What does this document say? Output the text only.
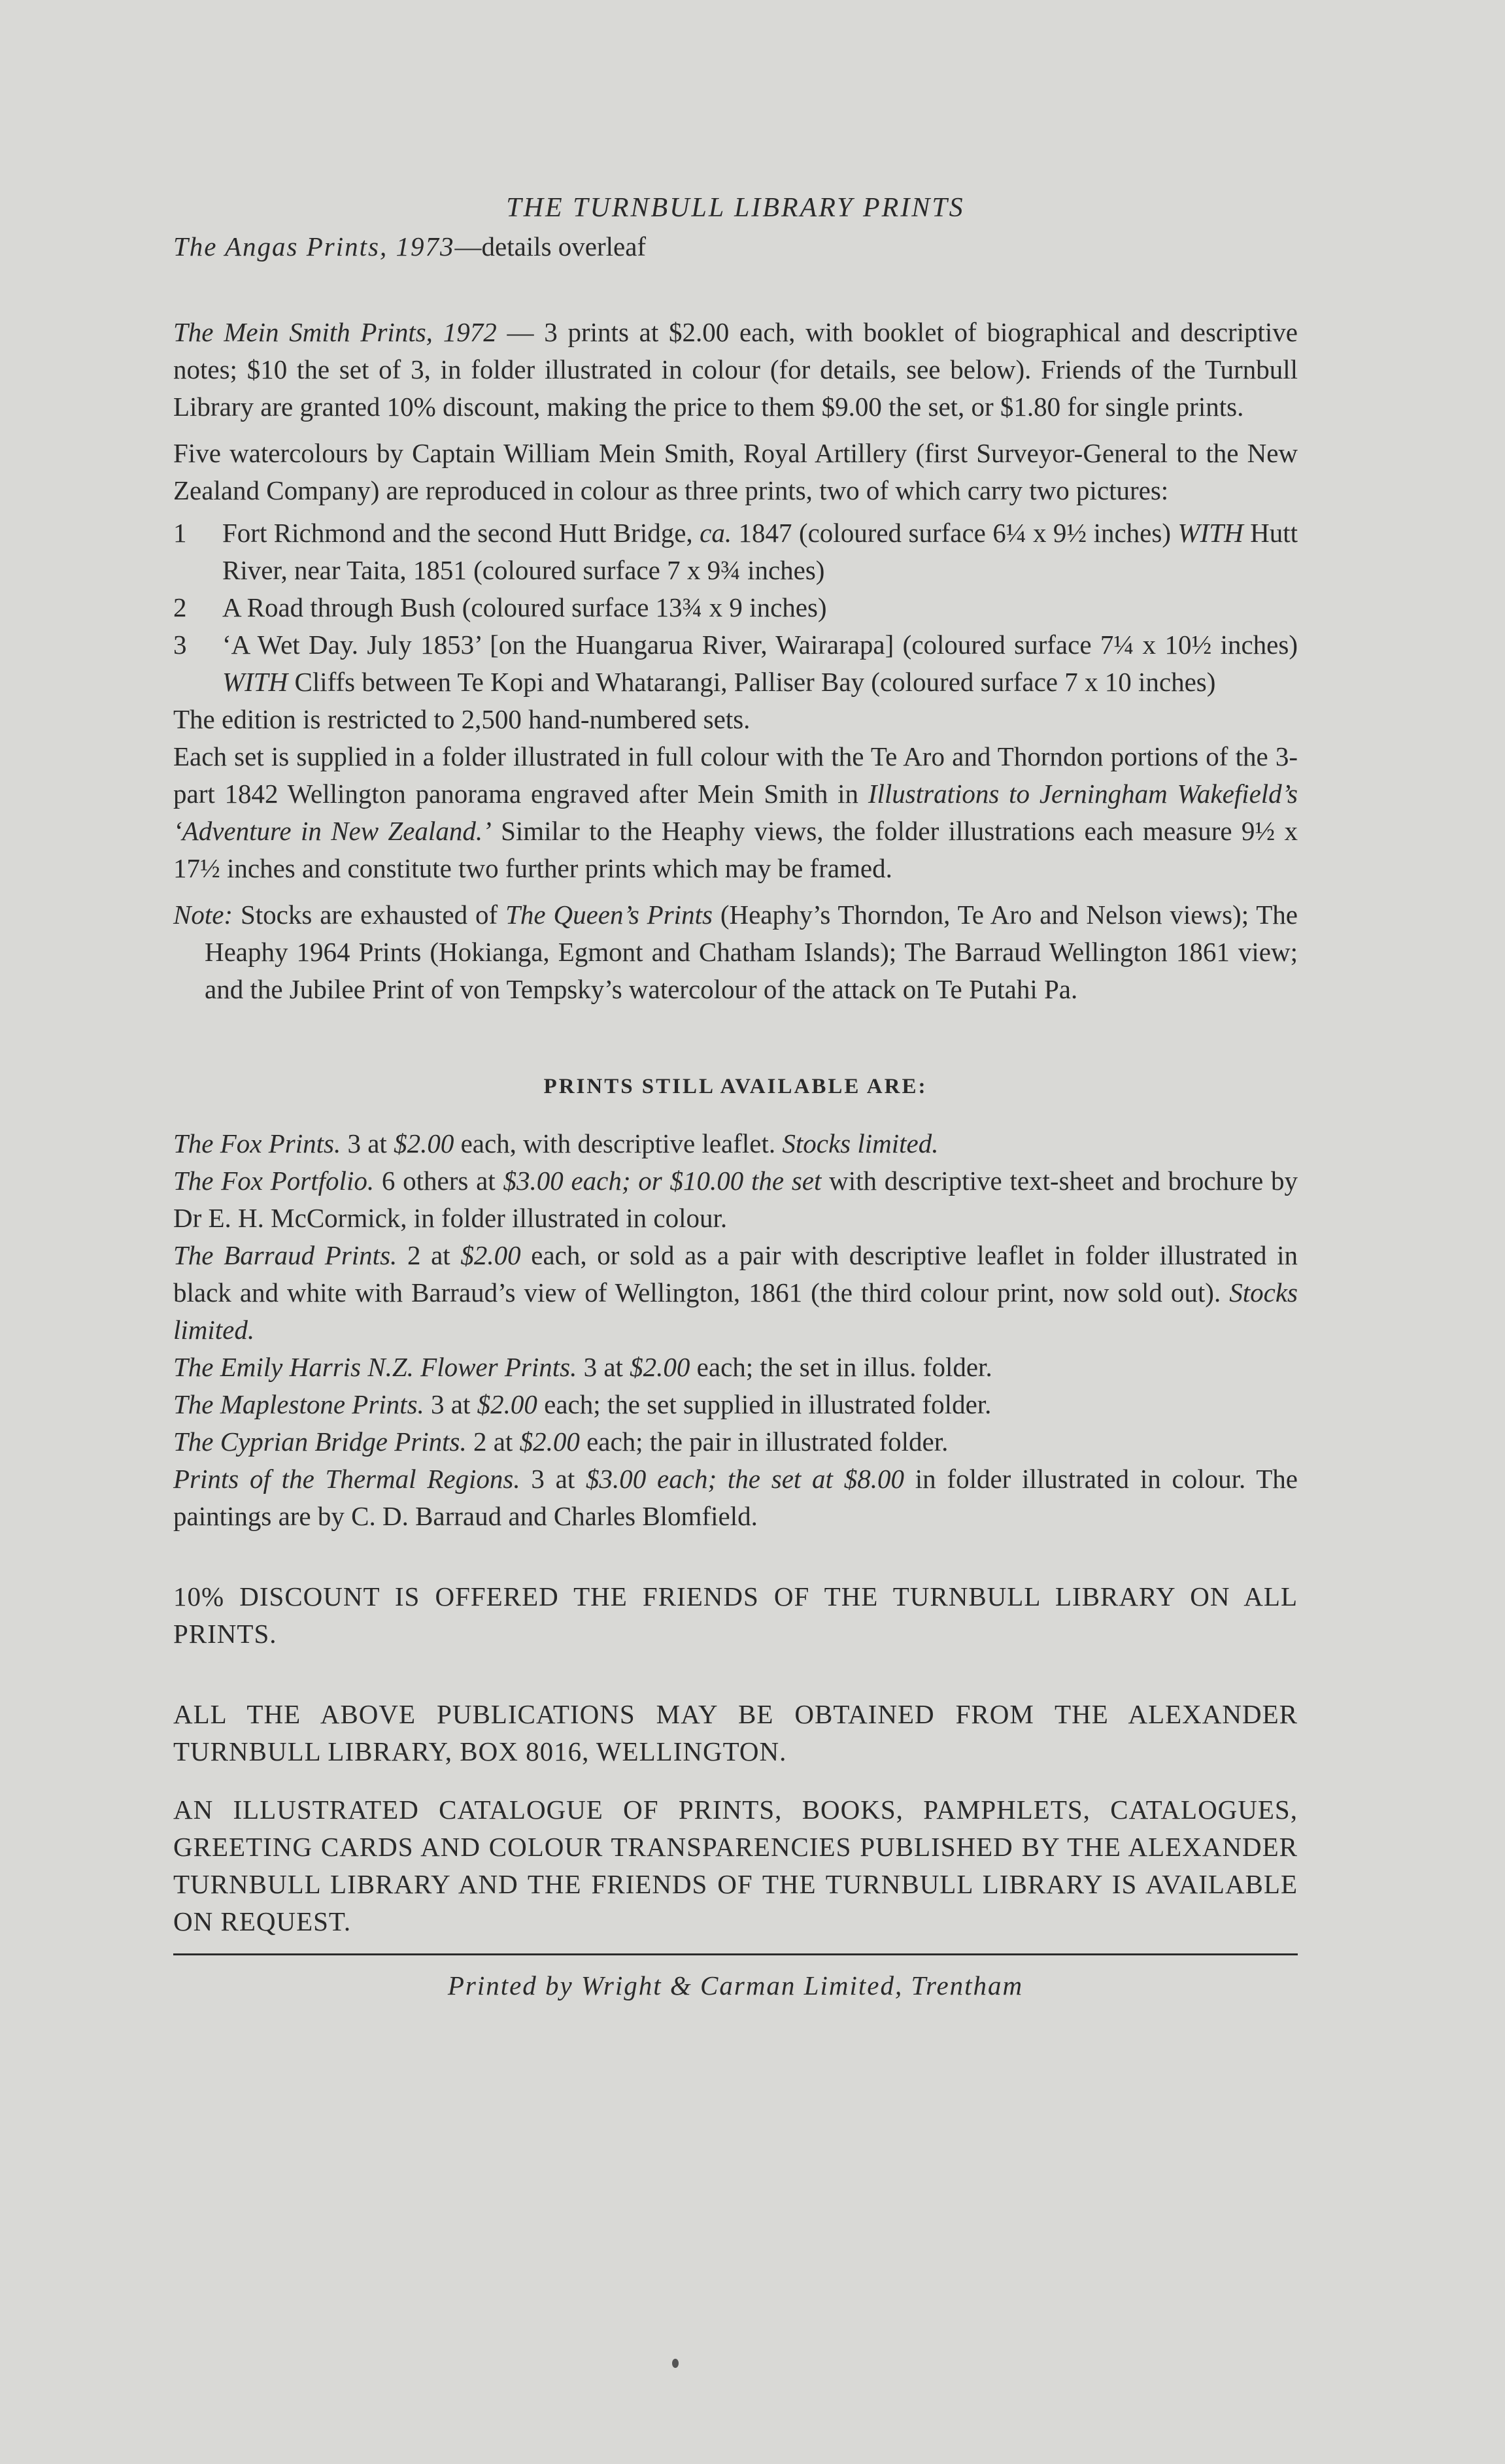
THE TURNBULL LIBRARY PRINTS

The Angas Prints, 1973—details overleaf

The Mein Smith Prints, 1972 — 3 prints at $2.00 each, with booklet of biographical and descriptive notes; $10 the set of 3, in folder illustrated in colour (for details, see below). Friends of the Turnbull Library are granted 10% discount, making the price to them $9.00 the set, or $1.80 for single prints.

Five watercolours by Captain William Mein Smith, Royal Artillery (first Surveyor-General to the New Zealand Company) are reproduced in colour as three prints, two of which carry two pictures:

1	Fort Richmond and the second Hutt Bridge, ca. 1847 (coloured surface 6¼ x 9½ inches) WITH Hutt River, near Taita, 1851 (coloured surface 7 x 9¾ inches)
2	A Road through Bush (coloured surface 13¾ x 9 inches)
3	‘A Wet Day. July 1853’ [on the Huangarua River, Wairarapa] (coloured surface 7¼ x 10½ inches) WITH Cliffs between Te Kopi and Whatarangi, Palliser Bay (coloured surface 7 x 10 inches)

The edition is restricted to 2,500 hand-numbered sets.

Each set is supplied in a folder illustrated in full colour with the Te Aro and Thorndon portions of the 3-part 1842 Wellington panorama engraved after Mein Smith in Illustrations to Jerningham Wakefield’s ‘Adventure in New Zealand.’ Similar to the Heaphy views, the folder illustrations each measure 9½ x 17½ inches and constitute two further prints which may be framed.

Note: Stocks are exhausted of The Queen’s Prints (Heaphy’s Thorndon, Te Aro and Nelson views); The Heaphy 1964 Prints (Hokianga, Egmont and Chatham Islands); The Barraud Wellington 1861 view; and the Jubilee Print of von Tempsky’s watercolour of the attack on Te Putahi Pa.

PRINTS STILL AVAILABLE ARE:

The Fox Prints. 3 at $2.00 each, with descriptive leaflet. Stocks limited.

The Fox Portfolio. 6 others at $3.00 each; or $10.00 the set with descriptive text-sheet and brochure by Dr E. H. McCormick, in folder illustrated in colour.

The Barraud Prints. 2 at $2.00 each, or sold as a pair with descriptive leaflet in folder illustrated in black and white with Barraud’s view of Wellington, 1861 (the third colour print, now sold out). Stocks limited.

The Emily Harris N.Z. Flower Prints. 3 at $2.00 each; the set in illus. folder.

The Maplestone Prints. 3 at $2.00 each; the set supplied in illustrated folder.

The Cyprian Bridge Prints. 2 at $2.00 each; the pair in illustrated folder.

Prints of the Thermal Regions. 3 at $3.00 each; the set at $8.00 in folder illustrated in colour. The paintings are by C. D. Barraud and Charles Blomfield.

10% DISCOUNT IS OFFERED THE FRIENDS OF THE TURNBULL LIBRARY ON ALL PRINTS.

ALL THE ABOVE PUBLICATIONS MAY BE OBTAINED FROM THE ALEXANDER TURNBULL LIBRARY, BOX 8016, WELLINGTON.

AN ILLUSTRATED CATALOGUE OF PRINTS, BOOKS, PAMPHLETS, CATALOGUES, GREETING CARDS AND COLOUR TRANSPARENCIES PUBLISHED BY THE ALEXANDER TURNBULL LIBRARY AND THE FRIENDS OF THE TURNBULL LIBRARY IS AVAILABLE ON REQUEST.

Printed by Wright & Carman Limited, Trentham
